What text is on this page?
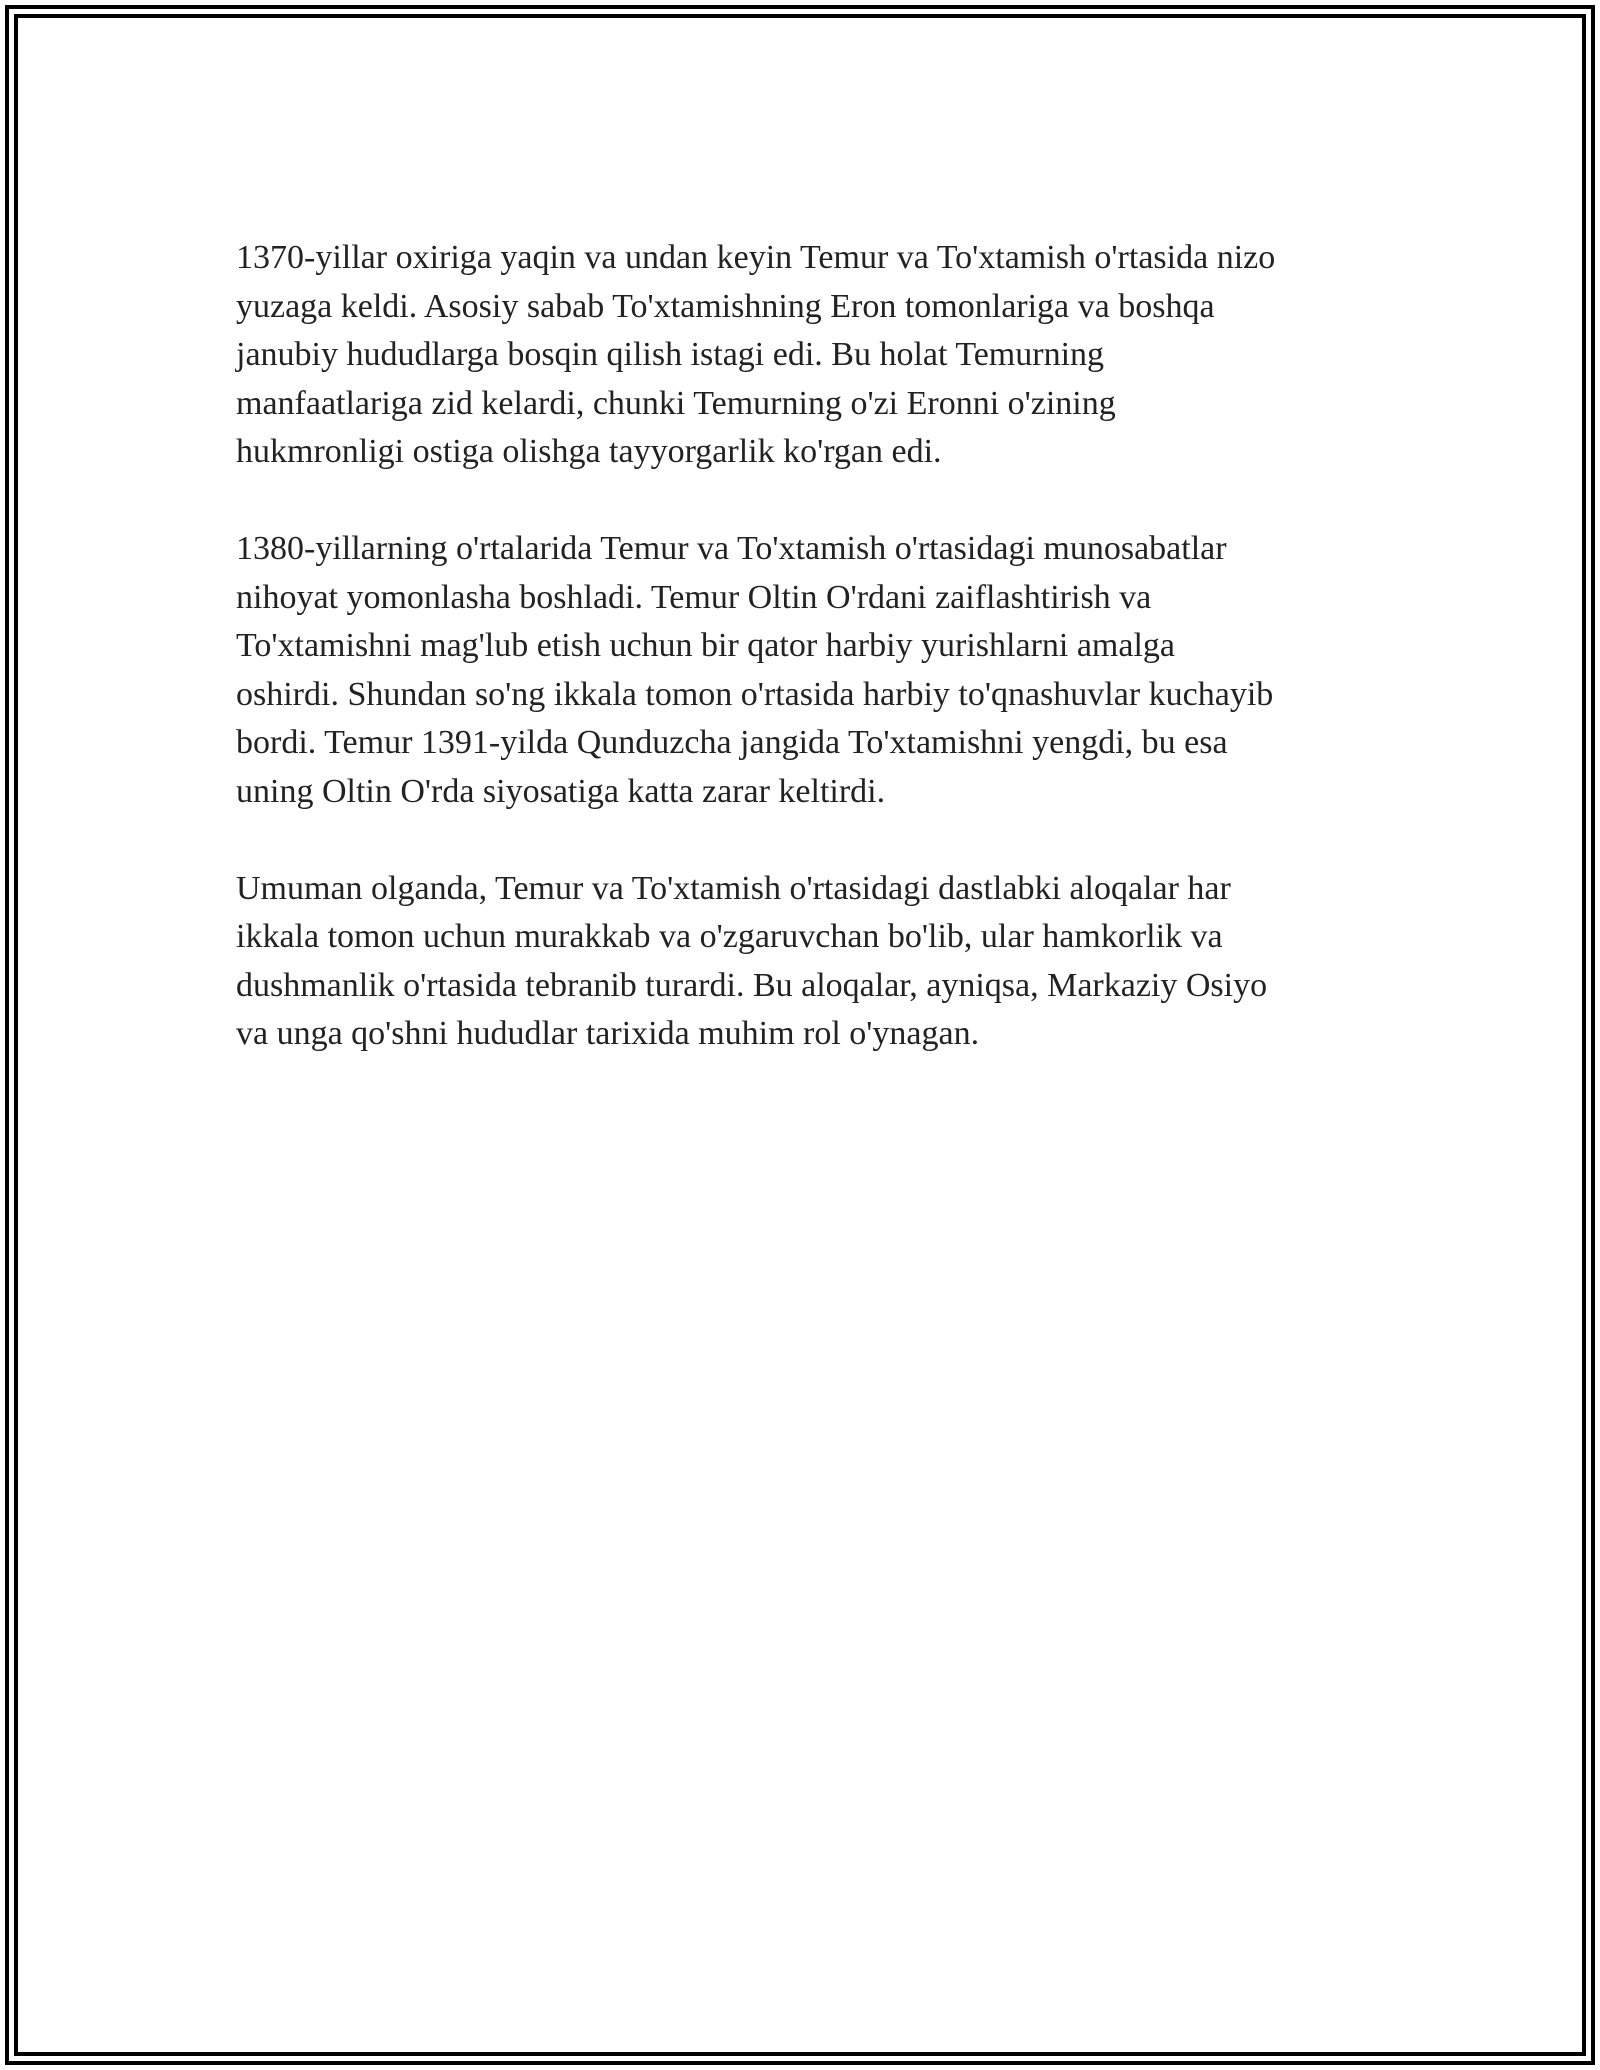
1370-yillar oxiriga yaqin va undan keyin Temur va To'xtamish o'rtasida nizo
yuzaga keldi. Asosiy sabab To'xtamishning Eron tomonlariga va boshqa
janubiy hududlarga bosqin qilish istagi edi. Bu holat Temurning
manfaatlariga zid kelardi, chunki Temurning o'zi Eronni o'zining
hukmronligi ostiga olishga tayyorgarlik ko'rgan edi.

1380-yillarning o'rtalarida Temur va To'xtamish o'rtasidagi munosabatlar
nihoyat yomonlasha boshladi. Temur Oltin O'rdani zaiflashtirish va
To'xtamishni mag'lub etish uchun bir qator harbiy yurishlarni amalga
oshirdi. Shundan so'ng ikkala tomon o'rtasida harbiy to'qnashuvlar kuchayib
bordi. Temur 1391-yilda Qunduzcha jangida To'xtamishni yengdi, bu esa
uning Oltin O'rda siyosatiga katta zarar keltirdi.

Umuman olganda, Temur va To'xtamish o'rtasidagi dastlabki aloqalar har
ikkala tomon uchun murakkab va o'zgaruvchan bo'lib, ular hamkorlik va
dushmanlik o'rtasida tebranib turardi. Bu aloqalar, ayniqsa, Markaziy Osiyo
va unga qo'shni hududlar tarixida muhim rol o'ynagan.
